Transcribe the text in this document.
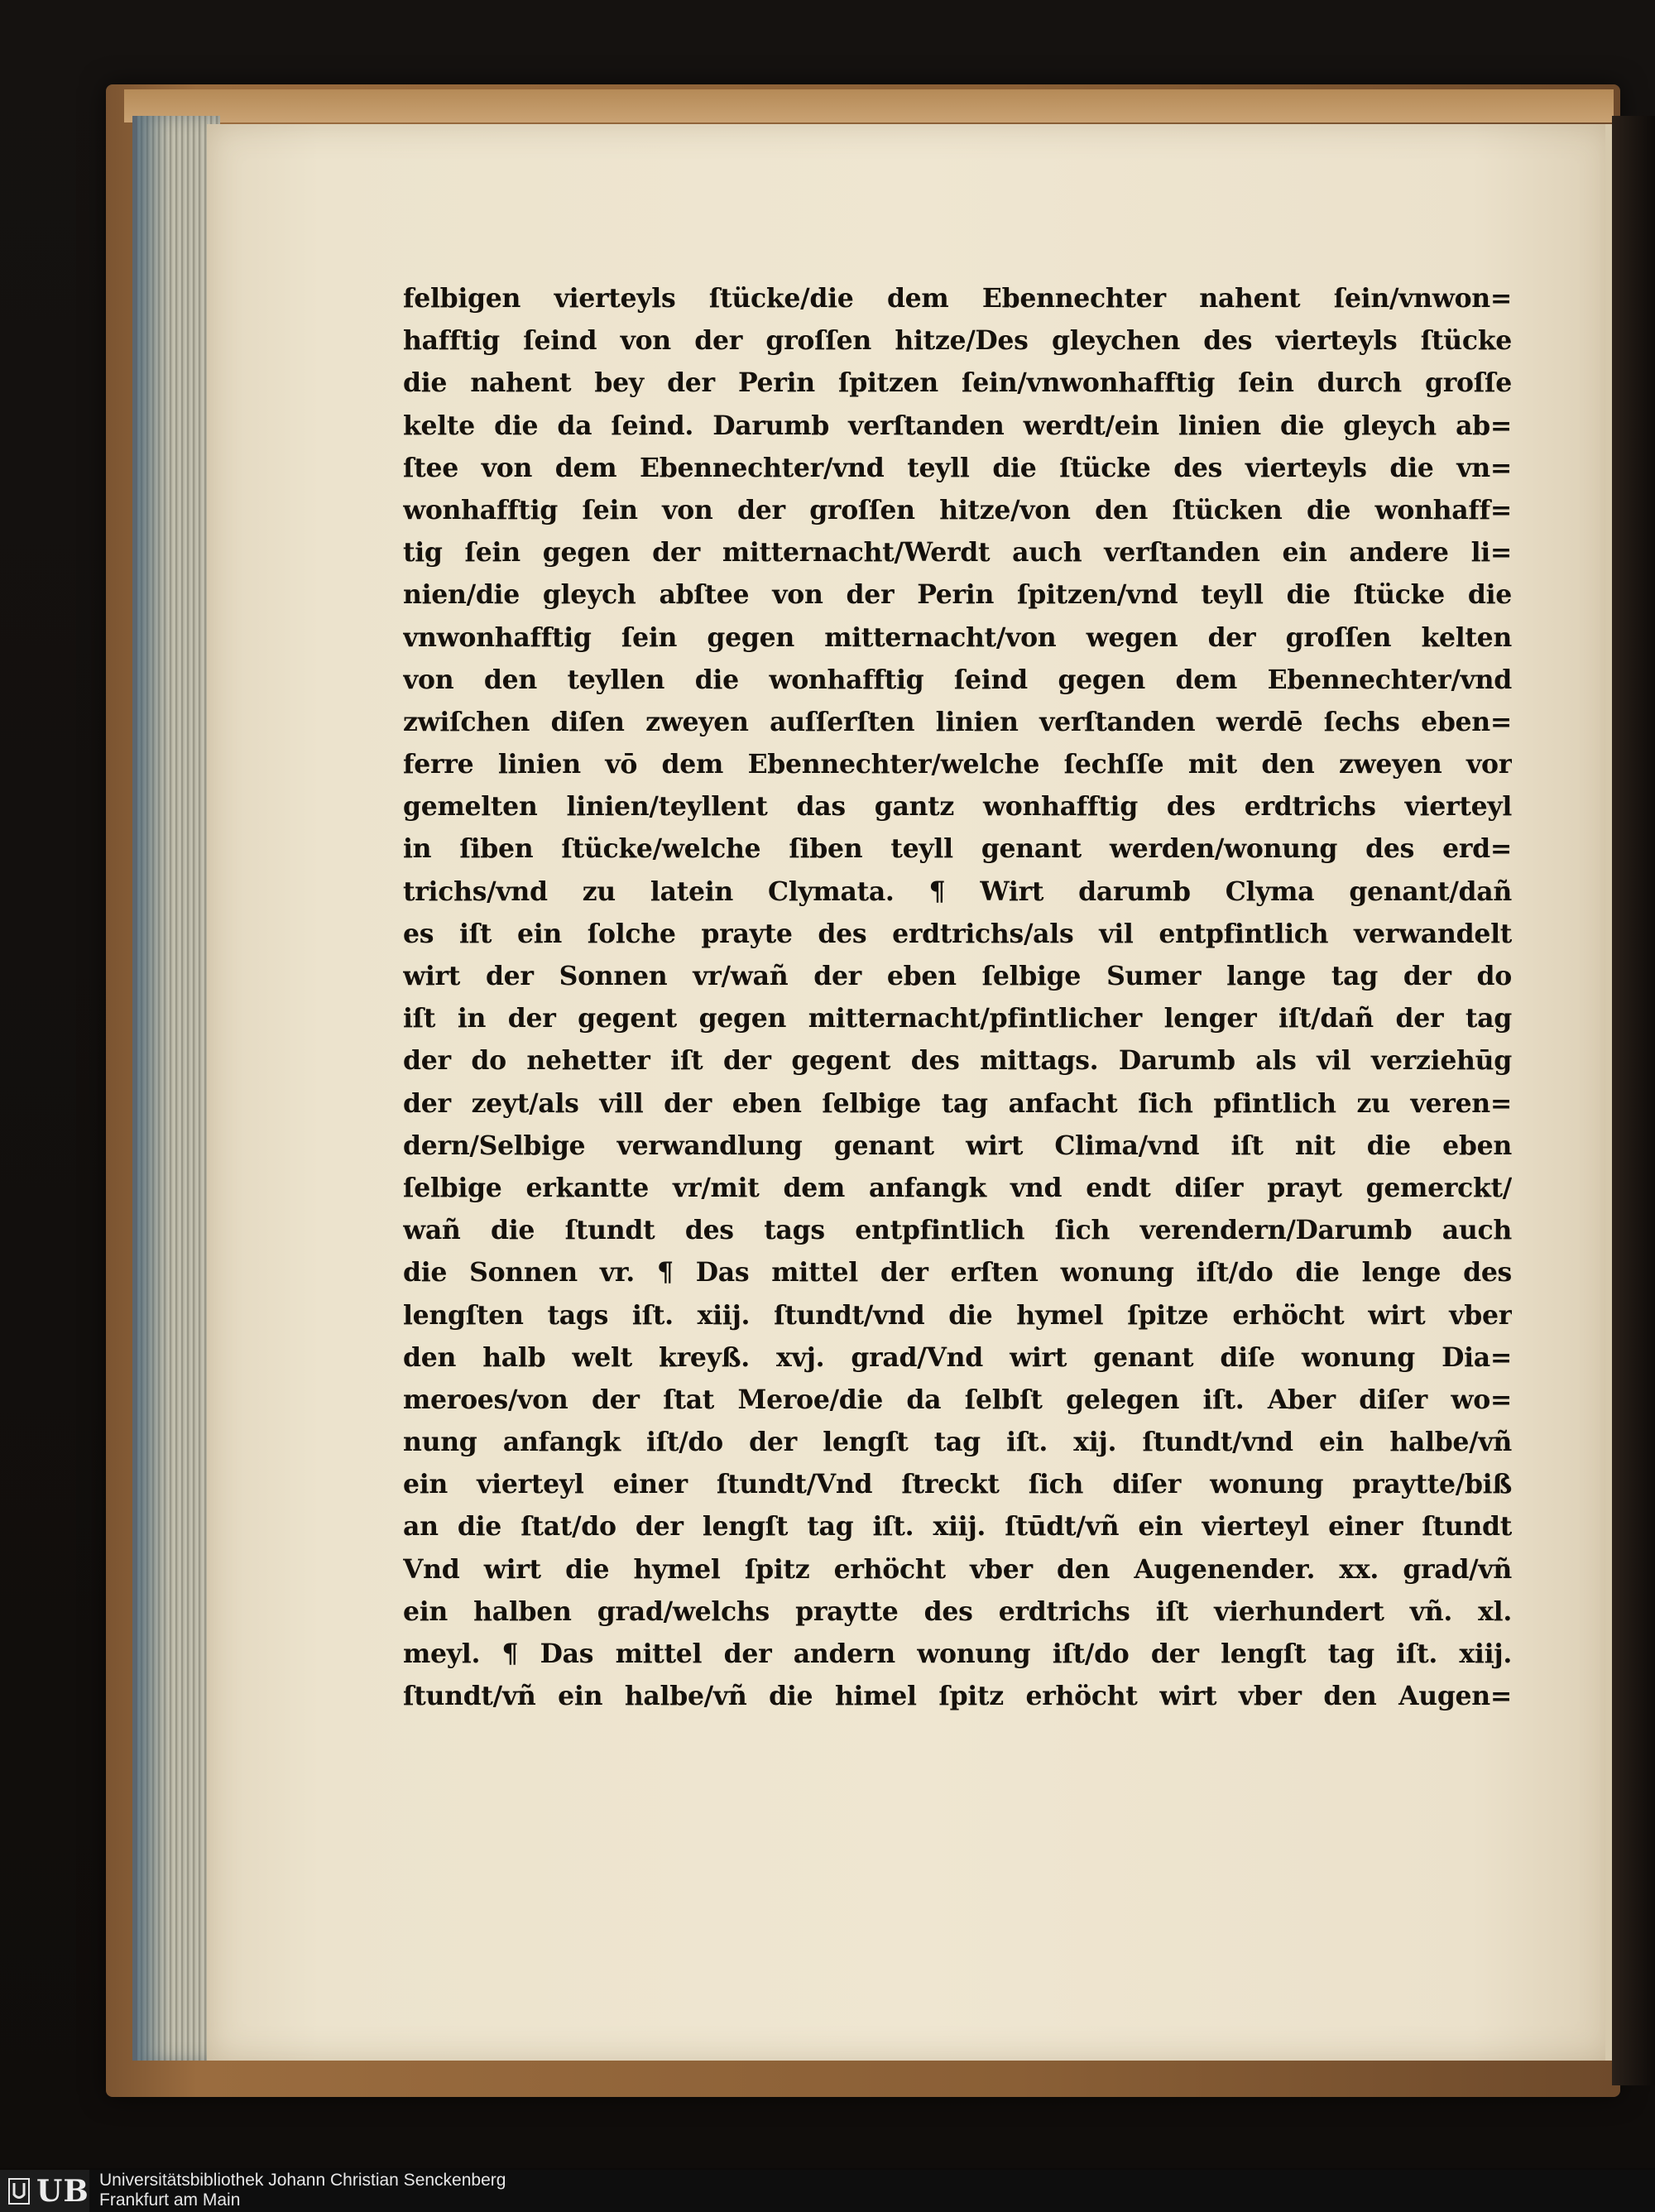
felbigen vierteyls ſtücke/die dem Ebennechter nahent ſein/vnwon=
hafftig ſeind von der groſſen hitze/Des gleychen des vierteyls ſtücke
die nahent bey der Perin ſpitzen ſein/vnwonhafftig ſein durch groſſe
kelte die da ſeind. Darumb verſtanden werdt/ein linien die gleych ab=
ſtee von dem Ebennechter/vnd teyll die ſtücke des vierteyls die vn=
wonhafftig ſein von der groſſen hitze/von den ſtücken die wonhaff=
tig ſein gegen der mitternacht/Werdt auch verſtanden ein andere li=
nien/die gleych abſtee von der Perin ſpitzen/vnd teyll die ſtücke die
vnwonhafftig ſein gegen mitternacht/von wegen der groſſen kelten
von den teyllen die wonhafftig ſeind gegen dem Ebennechter/vnd
zwiſchen diſen zweyen auſſerſten linien verſtanden werdē ſechs eben=
ferre linien vō dem Ebennechter/welche ſechſſe mit den zweyen vor
gemelten linien/teyllent das gantz wonhafftig des erdtrichs vierteyl
in ſiben ſtücke/welche ſiben teyll genant werden/wonung des erd=
trichs/vnd zu latein Clymata. ¶ Wirt darumb Clyma genant/dañ
es iſt ein ſolche prayte des erdtrichs/als vil entpfintlich verwandelt
wirt der Sonnen vr/wañ der eben ſelbige Sumer lange tag der do
iſt in der gegent gegen mitternacht/pfintlicher lenger iſt/dañ der tag
der do nehetter iſt der gegent des mittags. Darumb als vil verziehūg
der zeyt/als vill der eben ſelbige tag anfacht ſich pfintlich zu veren=
dern/Selbige verwandlung genant wirt Clima/vnd iſt nit die eben
ſelbige erkantte vr/mit dem anfangk vnd endt diſer prayt gemerckt/
wañ die ſtundt des tags entpfintlich ſich verendern/Darumb auch
die Sonnen vr. ¶ Das mittel der erſten wonung iſt/do die lenge des
lengſten tags iſt. xiij. ſtundt/vnd die hymel ſpitze erhöcht wirt vber
den halb welt kreyß. xvj. grad/Vnd wirt genant diſe wonung Dia=
meroes/von der ſtat Meroe/die da ſelbſt gelegen iſt. Aber diſer wo=
nung anfangk iſt/do der lengſt tag iſt. xij. ſtundt/vnd ein halbe/vñ
ein vierteyl einer ſtundt/Vnd ſtreckt ſich diſer wonung praytte/biß
an die ſtat/do der lengſt tag iſt. xiij. ſtūdt/vñ ein vierteyl einer ſtundt
Vnd wirt die hymel ſpitz erhöcht vber den Augenender. xx. grad/vñ
ein halben grad/welchs praytte des erdtrichs iſt vierhundert vñ. xl.
meyl. ¶ Das mittel der andern wonung iſt/do der lengſt tag iſt. xiij.
ſtundt/vñ ein halbe/vñ die himel ſpitz erhöcht wirt vber den Augen=
UB Universitätsbibliothek Johann Christian Senckenberg
Frankfurt am Main
